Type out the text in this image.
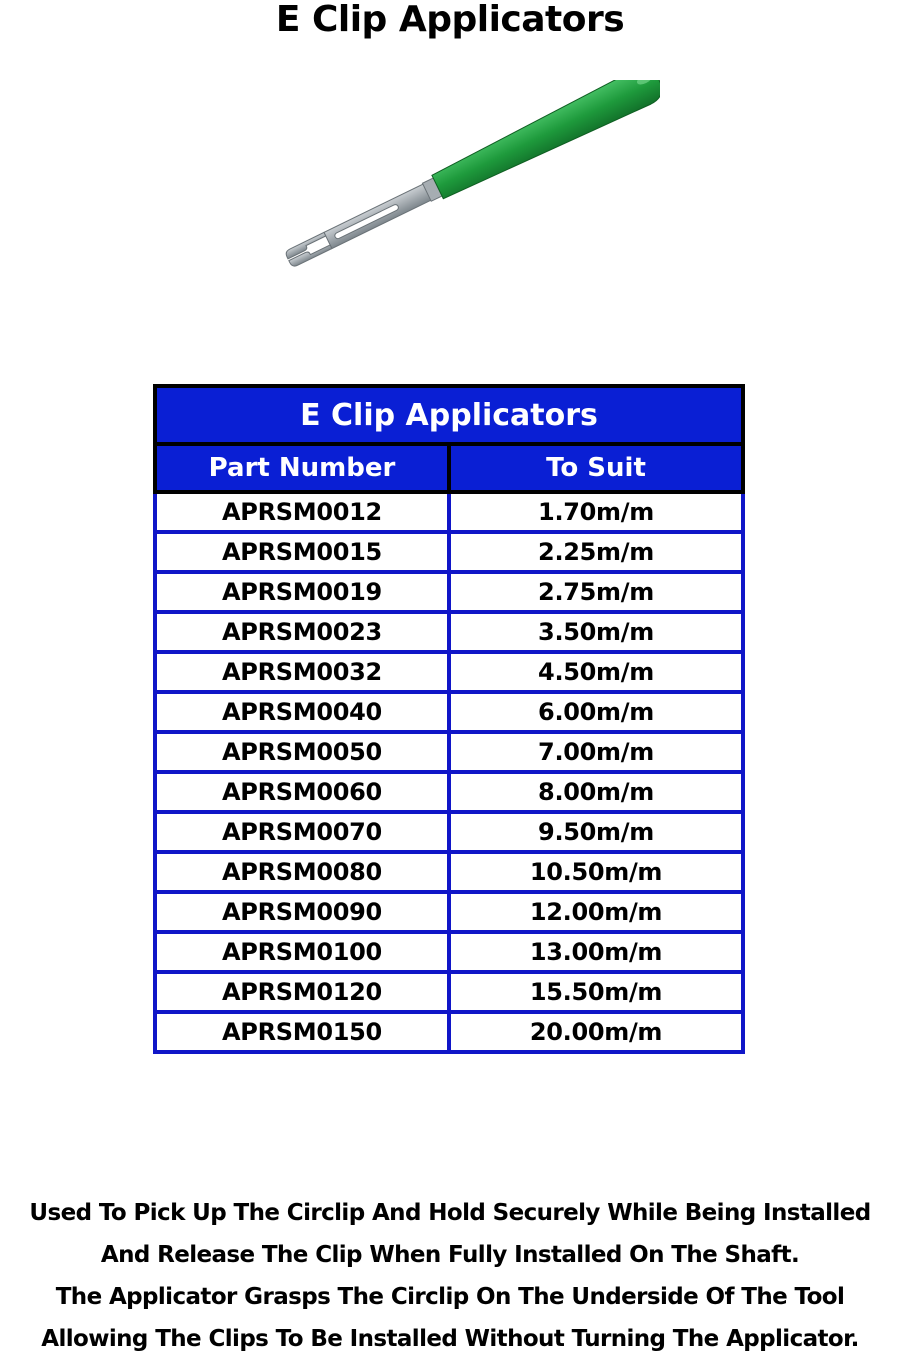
E Clip Applicators
E Clip Applicators	
Part Number	To Suit
APRSM0012	1.70m/m
APRSM0015	2.25m/m
APRSM0019	2.75m/m
APRSM0023	3.50m/m
APRSM0032	4.50m/m
APRSM0040	6.00m/m
APRSM0050	7.00m/m
APRSM0060	8.00m/m
APRSM0070	9.50m/m
APRSM0080	10.50m/m
APRSM0090	12.00m/m
APRSM0100	13.00m/m
APRSM0120	15.50m/m
APRSM0150	20.00m/m
Used To Pick Up The Circlip And Hold Securely While Being Installed
And Release The Clip When Fully Installed On The Shaft.
The Applicator Grasps The Circlip On The Underside Of The Tool
Allowing The Clips To Be Installed Without Turning The Applicator.
